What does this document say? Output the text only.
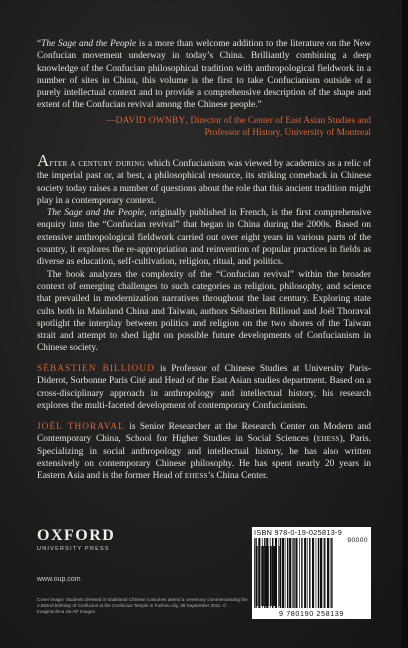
“The Sage and the People is a more than welcome addition to the literature on the New Confucian movement underway in today’s China. Brilliantly combining a deep knowledge of the Confucian philosophical tradition with anthropological fieldwork in a number of sites in China, this volume is the first to take Confucianism outside of a purely intellectual context and to provide a comprehensive description of the shape and extent of the Confucian revival among the Chinese people.”
—DAVID OWNBY, Director of the Center of East Asian Studies and Professor of History, University of Montreal

After a century during which Confucianism was viewed by academics as a relic of the imperial past or, at best, a philosophical resource, its striking comeback in Chinese society today raises a number of questions about the role that this ancient tradition might play in a contemporary context.

The Sage and the People, originally published in French, is the first comprehensive enquiry into the “Confucian revival” that began in China during the 2000s. Based on extensive anthropological fieldwork carried out over eight years in various parts of the country, it explores the re-appropriation and reinvention of popular practices in fields as diverse as education, self-cultivation, religion, ritual, and politics.

The book analyzes the complexity of the “Confucian revival” within the broader context of emerging challenges to such categories as religion, philosophy, and science that prevailed in modernization narratives throughout the last century. Exploring state cults both in Mainland China and Taiwan, authors Sébastien Billioud and Joël Thoraval spotlight the interplay between politics and religion on the two shores of the Taiwan strait and attempt to shed light on possible future developments of Confucianism in Chinese society.

SÉBASTIEN BILLIOUD is Professor of Chinese Studies at University Paris-Diderot, Sorbonne Paris Cité and Head of the East Asian studies department. Based on a cross-disciplinary approach in anthropology and intellectual history, his research explores the multi-faceted development of contemporary Confucianism.
JOËL THORAVAL is Senior Researcher at the Research Center on Modern and Contemporary China, School for Higher Studies in Social Sciences (ehess), Paris. Specializing in social anthropology and intellectual history, he has also written extensively on contemporary Chinese philosophy. He has spent nearly 20 years in Eastern Asia and is the former Head of ehess’s China Center.
OXFORD
UNIVERSITY PRESS
www.oup.com
Cover image: Students dressed in traditional Chinese costumes attend a ceremony commemorating the 2,562nd birthday of Confucius at the Confucius Temple in Fuzhou city, 28 September 2011. © Imaginechina via AP Images
ISBN 978-0-19-025813-9
90000
9 780190 258139
